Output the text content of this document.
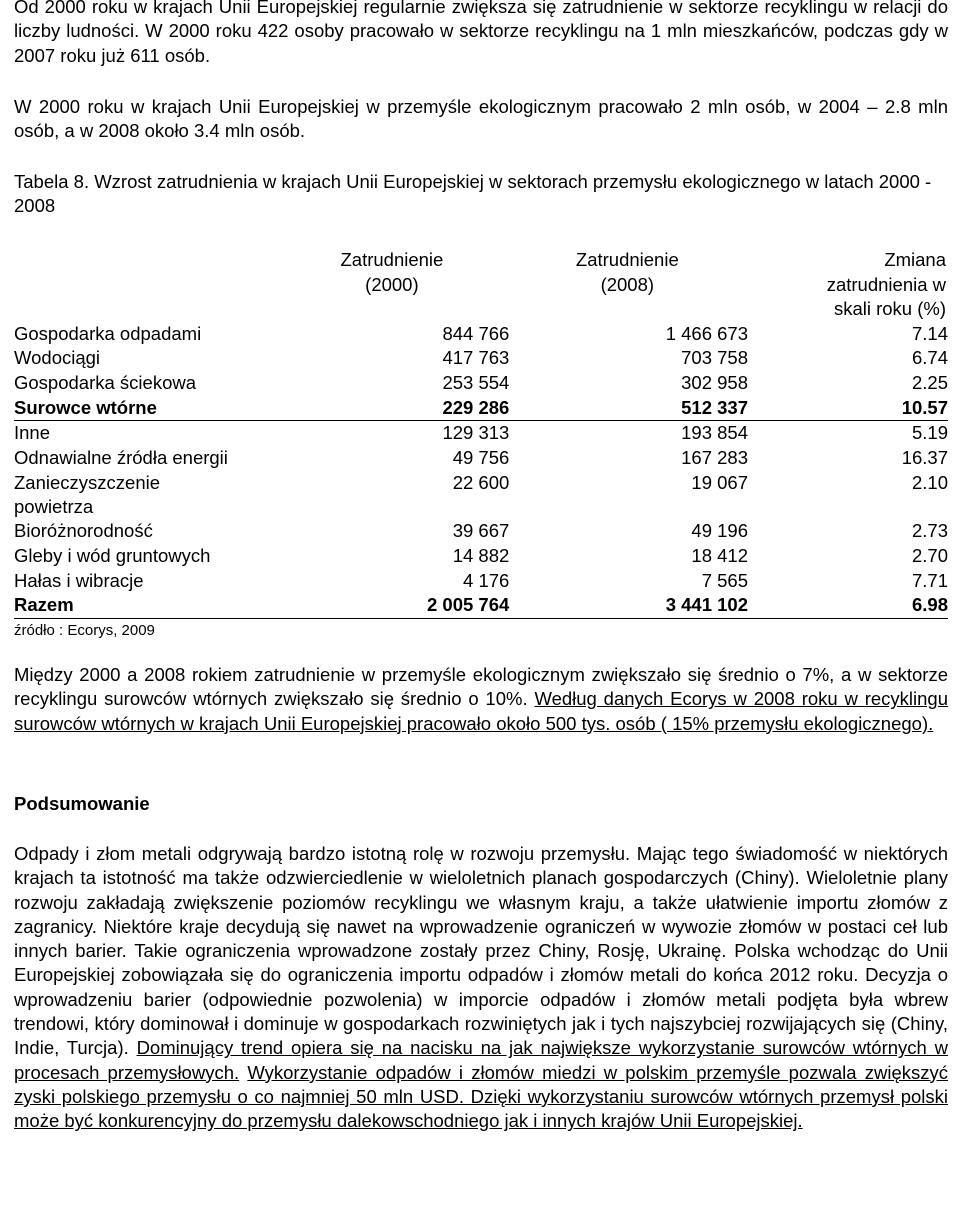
Od 2000 roku w krajach Unii Europejskiej regularnie zwiększa się zatrudnienie w sektorze recyklingu w relacji do liczby ludności. W 2000 roku 422 osoby pracowało w sektorze recyklingu na 1 mln mieszkańców, podczas gdy w 2007 roku już 611 osób.

W 2000 roku w krajach Unii Europejskiej w przemyśle ekologicznym pracowało 2 mln osób, w 2004 – 2.8 mln osób, a w 2008 około 3.4 mln osób.

Tabela 8. Wzrost zatrudnienia w krajach Unii Europejskiej w sektorach przemysłu ekologicznego w latach 2000 - 2008

	Zatrudnienie (2000)	Zatrudnienie (2008)	Zmiana zatrudnienia w skali roku (%)

Gospodarka odpadami	844 766	1 466 673	7.14
Wodociągi	417 763	703 758	6.74
Gospodarka ściekowa	253 554	302 958	2.25
Surowce wtórne	229 286	512 337	10.57
Inne	129 313	193 854	5.19
Odnawialne źródła energii	49 756	167 283	16.37
Zanieczyszczenie powietrza	22 600	19 067	2.10
Bioróżnorodność	39 667	49 196	2.73
Gleby i wód gruntowych	14 882	18 412	2.70
Hałas i wibracje	4 176	7 565	7.71
Razem	2 005 764	3 441 102	6.98
źródło : Ecorys, 2009			

Między 2000 a 2008 rokiem zatrudnienie w przemyśle ekologicznym zwiększało się średnio o 7%, a w sektorze recyklingu surowców wtórnych zwiększało się średnio o 10%. Według danych Ecorys w 2008 roku w recyklingu surowców wtórnych w krajach Unii Europejskiej pracowało około 500 tys. osób ( 15% przemysłu ekologicznego).

Podsumowanie

Odpady i złom metali odgrywają bardzo istotną rolę w rozwoju przemysłu. Mając tego świadomość w niektórych krajach ta istotność ma także odzwierciedlenie w wieloletnich planach gospodarczych (Chiny). Wieloletnie plany rozwoju zakładają zwiększenie poziomów recyklingu we własnym kraju, a także ułatwienie importu złomów z zagranicy. Niektóre kraje decydują się nawet na wprowadzenie ograniczeń w wywozie złomów w postaci ceł lub innych barier. Takie ograniczenia wprowadzone zostały przez Chiny, Rosję, Ukrainę. Polska wchodząc do Unii Europejskiej zobowiązała się do ograniczenia importu odpadów i złomów metali do końca 2012 roku. Decyzja o wprowadzeniu barier (odpowiednie pozwolenia) w imporcie odpadów i złomów metali podjęta była wbrew trendowi, który dominował i dominuje w gospodarkach rozwiniętych jak i tych najszybciej rozwijających się (Chiny, Indie, Turcja). Dominujący trend opiera się na nacisku na jak największe wykorzystanie surowców wtórnych w procesach przemysłowych. Wykorzystanie odpadów i złomów miedzi w polskim przemyśle pozwala zwiększyć zyski polskiego przemysłu o co najmniej 50 mln USD. Dzięki wykorzystaniu surowców wtórnych przemysł polski może być konkurencyjny do przemysłu dalekowschodniego jak i innych krajów Unii Europejskiej.
